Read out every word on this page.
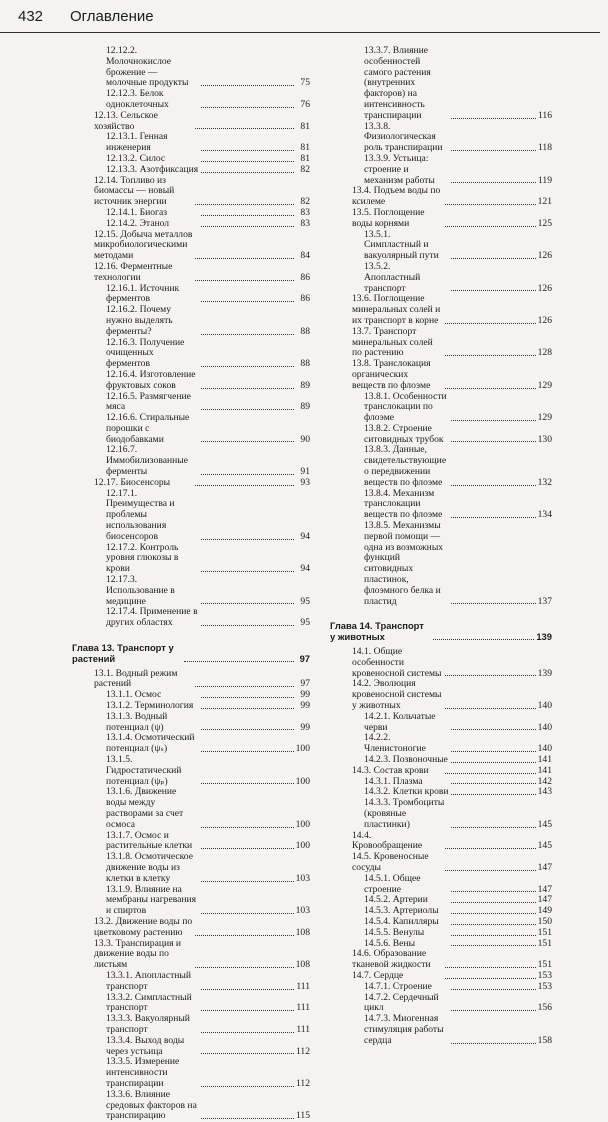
432 Оглавление
12.12.2. Молочнокислое брожение — молочные продукты	75
12.12.3. Белок одноклеточных	76
12.13. Сельское хозяйство	81
12.13.1. Генная инженерия	81
12.13.2. Силос	81
12.13.3. Азотфиксация	82
12.14. Топливо из биомассы — новый источник энергии	82
12.14.1. Биогаз	83
12.14.2. Этанол	83
12.15. Добыча металлов микробиологическими методами	84
12.16. Ферментные технологии	86
12.16.1. Источник ферментов	86
12.16.2. Почему нужно выделять ферменты?	88
12.16.3. Получение очищенных ферментов	88
12.16.4. Изготовление фруктовых соков	89
12.16.5. Размягчение мяса	89
12.16.6. Стиральные порошки с биодобавками	90
12.16.7. Иммобилизованные ферменты	91
12.17. Биосенсоры	93
12.17.1. Преимущества и проблемы использования биосенсоров	94
12.17.2. Контроль уровня глюкозы в крови	94
12.17.3. Использование в медицине	95
12.17.4. Применение в других областях	95
Глава 13. Транспорт у растений	97
13.1. Водный режим растений	97
13.1.1. Осмос	99
13.1.2. Терминология	99
13.1.3. Водный потенциал (ψ)	99
13.1.4. Осмотический потенциал (ψₛ)	100
13.1.5. Гидростатический потенциал (ψₚ)	100
13.1.6. Движение воды между растворами за счет осмоса	100
13.1.7. Осмос и растительные клетки	100
13.1.8. Осмотическое движение воды из клетки в клетку	103
13.1.9. Влияние на мембраны нагревания и спиртов	103
13.2. Движение воды по цветковому растению	108
13.3. Транспирация и движение воды по листьям	108
13.3.1. Апопластный транспорт	111
13.3.2. Симпластный транспорт	111
13.3.3. Вакуолярный транспорт	111
13.3.4. Выход воды через устьица	112
13.3.5. Измерение интенсивности транспирации	112
13.3.6. Влияние средовых факторов на транспирацию	115
13.3.7. Влияние особенностей самого растения (внутренних факторов) на интенсивность транспирации	116
13.3.8. Физиологическая роль транспирации	118
13.3.9. Устьица: строение и механизм работы	119
13.4. Подъем воды по ксилеме	121
13.5. Поглощение воды корнями	125
13.5.1. Симпластный и вакуолярный пути	126
13.5.2. Апопластный транспорт	126
13.6. Поглощение минеральных солей и их транспорт в корне	126
13.7. Транспорт минеральных солей по растению	128
13.8. Транслокация органических веществ по флоэме	129
13.8.1. Особенности транслокации по флоэме	129
13.8.2. Строение ситовидных трубок	130
13.8.3. Данные, свидетельствующие о передвижении веществ по флоэме	132
13.8.4. Механизм транслокации веществ по флоэме	134
13.8.5. Механизмы первой помощи — одна из возможных функций ситовидных пластинок, флоэмного белка и пластид	137
Глава 14. Транспорт у животных	139
14.1. Общие особенности кровеносной системы	139
14.2. Эволюция кровеносной системы у животных	140
14.2.1. Кольчатые черви	140
14.2.2. Членистоногие	140
14.2.3. Позвоночные	141
14.3. Состав крови	141
14.3.1. Плазма	142
14.3.2. Клетки крови	143
14.3.3. Тромбоциты (кровяные пластинки)	145
14.4. Кровообращение	145
14.5. Кровеносные сосуды	147
14.5.1. Общее строение	147
14.5.2. Артерии	147
14.5.3. Артериолы	149
14.5.4. Капилляры	150
14.5.5. Венулы	151
14.5.6. Вены	151
14.6. Образование тканевой жидкости	151
14.7. Сердце	153
14.7.1. Строение	153
14.7.2. Сердечный цикл	156
14.7.3. Миогенная стимуляция работы сердца	158
